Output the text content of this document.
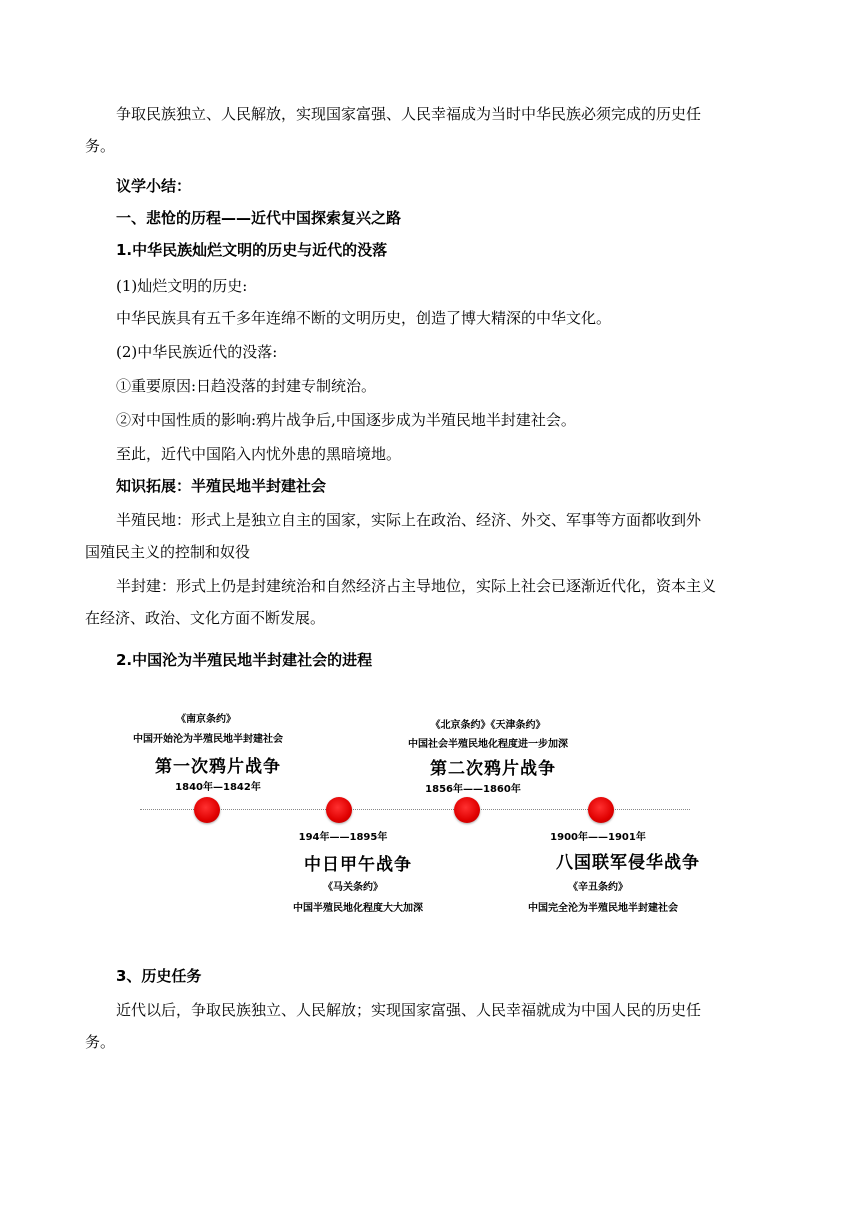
争取民族独立、人民解放，实现国家富强、人民幸福成为当时中华民族必须完成的历史任
务。
议学小结：
一、悲怆的历程——近代中国探索复兴之路
1.中华民族灿烂文明的历史与近代的没落
(1)灿烂文明的历史:
中华民族具有五千多年连绵不断的文明历史，创造了博大精深的中华文化。
(2)中华民族近代的没落:
①重要原因:日趋没落的封建专制统治。
②对中国性质的影响:鸦片战争后,中国逐步成为半殖民地半封建社会。
至此，近代中国陷入内忧外患的黑暗境地。
知识拓展：半殖民地半封建社会
半殖民地：形式上是独立自主的国家，实际上在政治、经济、外交、军事等方面都收到外
国殖民主义的控制和奴役
半封建：形式上仍是封建统治和自然经济占主导地位，实际上社会已逐渐近代化，资本主义
在经济、政治、文化方面不断发展。
2.中国沦为半殖民地半封建社会的进程
《南京条约》
中国开始沦为半殖民地半封建社会
第一次鸦片战争
1840年—1842年
194年——1895年
中日甲午战争
《马关条约》
中国半殖民地化程度大大加深
《北京条约》《天津条约》
中国社会半殖民地化程度进一步加深
第二次鸦片战争
1856年——1860年
1900年——1901年
八国联军侵华战争
《辛丑条约》
中国完全沦为半殖民地半封建社会
3、历史任务
近代以后，争取民族独立、人民解放；实现国家富强、人民幸福就成为中国人民的历史任
务。
